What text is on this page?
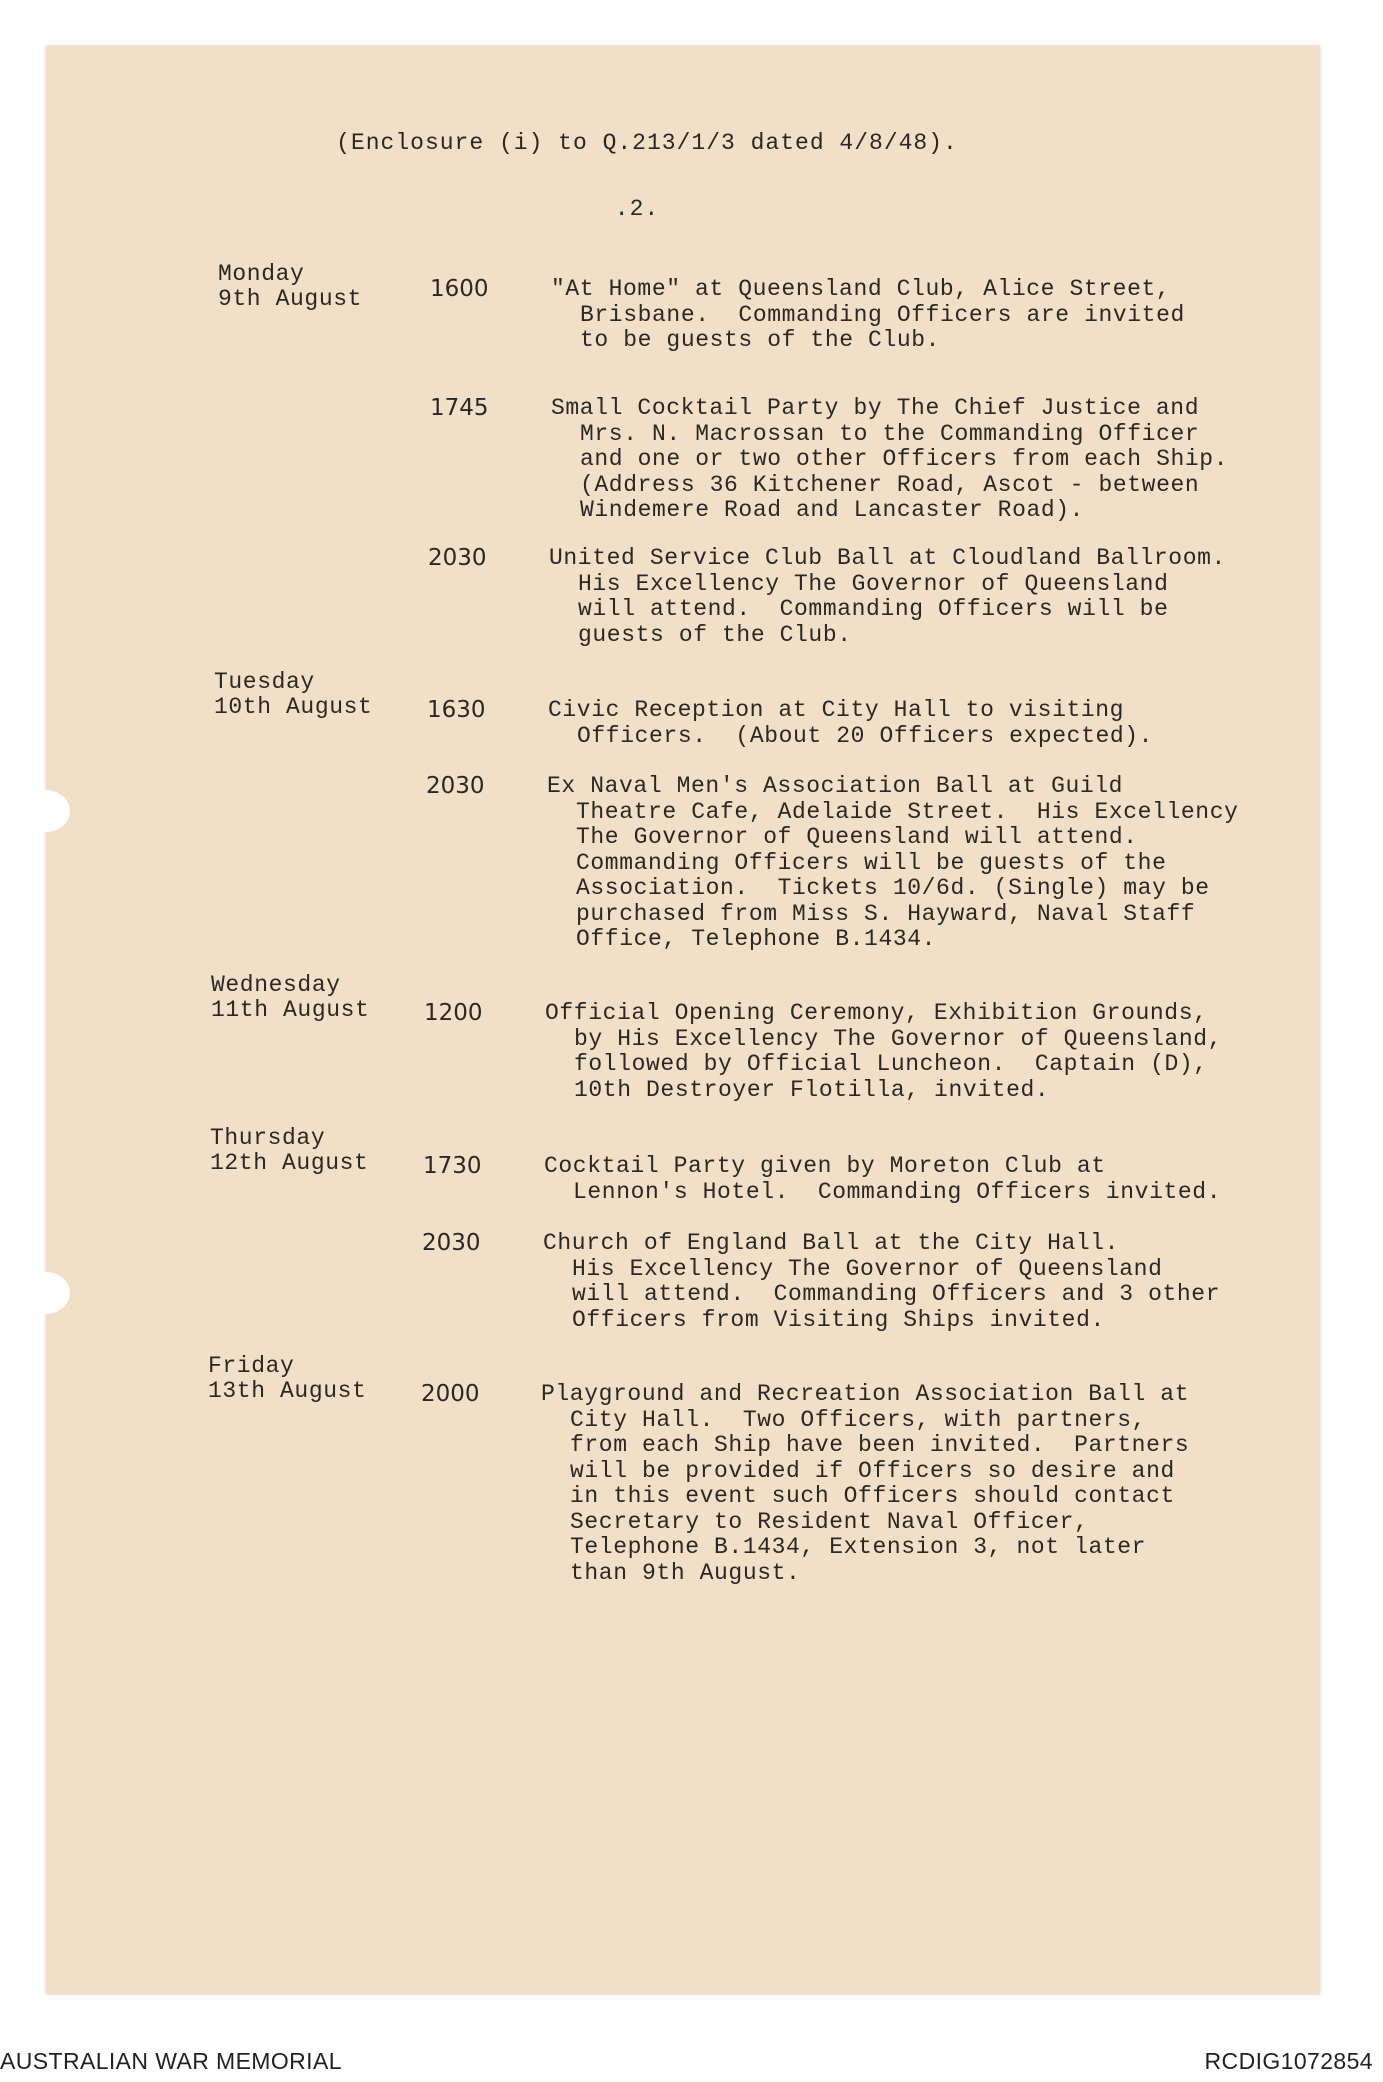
(Enclosure (i) to Q.213/1/3 dated 4/8/48).
.2.
Monday
9th August	1600	"At Home" at Queensland Club, Alice Street,
Brisbane.  Commanding Officers are invited
to be guests of the Club.
1745	Small Cocktail Party by The Chief Justice and
Mrs. N. Macrossan to the Commanding Officer
and one or two other Officers from each Ship.
(Address 36 Kitchener Road, Ascot - between
Windemere Road and Lancaster Road).
2030	United Service Club Ball at Cloudland Ballroom.
His Excellency The Governor of Queensland
will attend.  Commanding Officers will be
guests of the Club.
Tuesday
10th August 1630	Civic Reception at City Hall to visiting
Officers.  (About 20 Officers expected).
2030	Ex Naval Men's Association Ball at Guild
Theatre Cafe, Adelaide Street.  His Excellency
The Governor of Queensland will attend.
Commanding Officers will be guests of the
Association.  Tickets 10/6d. (Single) may be
purchased from Miss S. Hayward, Naval Staff
Office, Telephone B.1434.
Wednesday
11th August 1200	Official Opening Ceremony, Exhibition Grounds,
by His Excellency The Governor of Queensland,
followed by Official Luncheon.  Captain (D),
10th Destroyer Flotilla, invited.
Thursday
12th August 1730	Cocktail Party given by Moreton Club at
Lennon's Hotel.  Commanding Officers invited.
2030	Church of England Ball at the City Hall.
His Excellency The Governor of Queensland
will attend.  Commanding Officers and 3 other
Officers from Visiting Ships invited.
Friday
13th August 2000	Playground and Recreation Association Ball at
City Hall.  Two Officers, with partners,
from each Ship have been invited.  Partners
will be provided if Officers so desire and
in this event such Officers should contact
Secretary to Resident Naval Officer,
Telephone B.1434, Extension 3, not later
than 9th August.
AUSTRALIAN WAR MEMORIAL	RCDIG1072854
